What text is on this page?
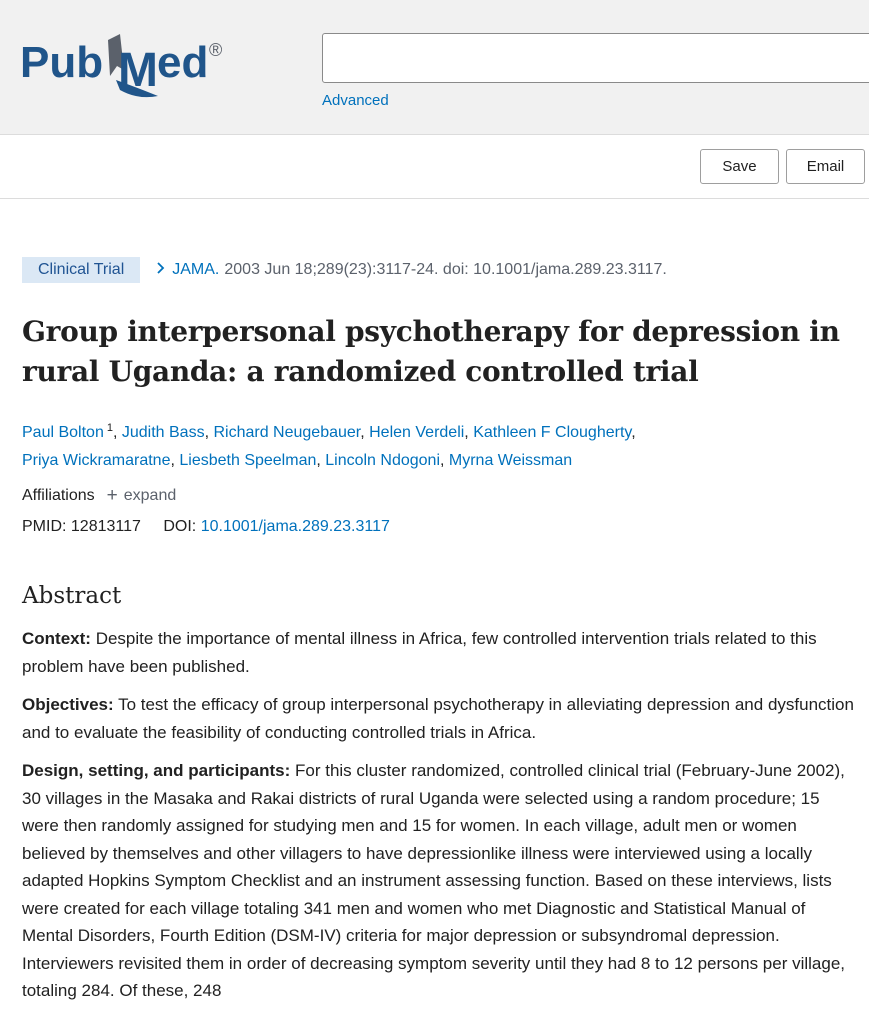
Pub M ed ®
Advanced
Save	Email
Clinical Trial	JAMA. 2003 Jun 18;289(23):3117-24. doi: 10.1001/jama.289.23.3117.
Group interpersonal psychotherapy for depression in rural Uganda: a randomized controlled trial
Paul Bolton $^1$, Judith Bass, Richard Neugebauer, Helen Verdeli, Kathleen F Clougherty,
Priya Wickramaratne, Liesbeth Speelman, Lincoln Ndogoni, Myrna Weissman
Affiliations + expand
PMID: 12813117 DOI: 10.1001/jama.289.23.3117
Abstract

Context: Despite the importance of mental illness in Africa, few controlled intervention trials related to this problem have been published.

Objectives: To test the efficacy of group interpersonal psychotherapy in alleviating depression and dysfunction and to evaluate the feasibility of conducting controlled trials in Africa.

Design, setting, and participants: For this cluster randomized, controlled clinical trial (February-June 2002), 30 villages in the Masaka and Rakai districts of rural Uganda were selected using a random procedure; 15 were then randomly assigned for studying men and 15 for women. In each village, adult men or women believed by themselves and other villagers to have depressionlike illness were interviewed using a locally adapted Hopkins Symptom Checklist and an instrument assessing function. Based on these interviews, lists were created for each village totaling 341 men and women who met Diagnostic and Statistical Manual of Mental Disorders, Fourth Edition (DSM-IV) criteria for major depression or subsyndromal depression. Interviewers revisited them in order of decreasing symptom severity until they had 8 to 12 persons per village, totaling 284. Of these, 248
